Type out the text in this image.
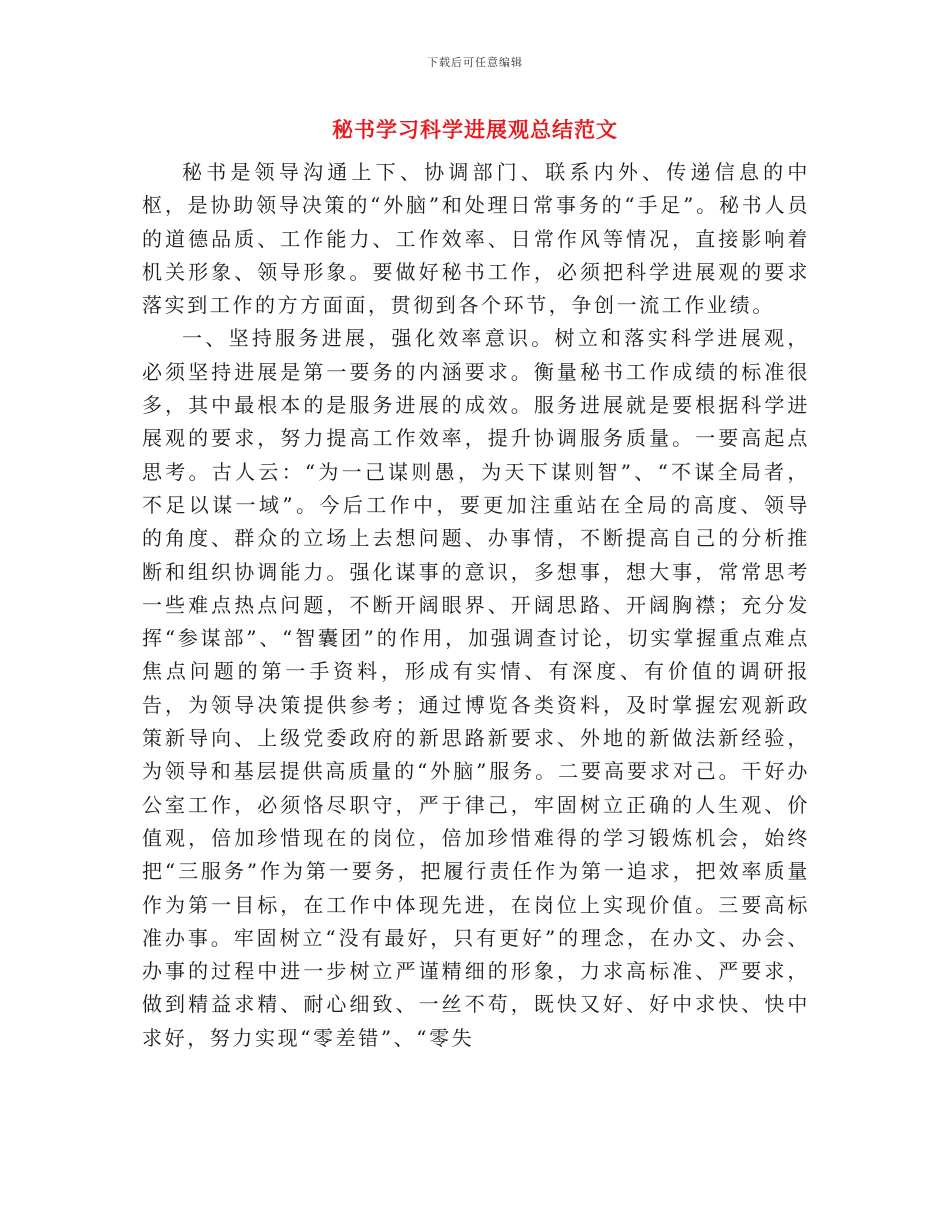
下载后可任意编辑
秘书学习科学进展观总结范文

秘书是领导沟通上下、协调部门、联系内外、传递信息的中枢，是协助领导决策的“外脑”和处理日常事务的“手足”。秘书人员的道德品质、工作能力、工作效率、日常作风等情况，直接影响着机关形象、领导形象。要做好秘书工作，必须把科学进展观的要求落实到工作的方方面面，贯彻到各个环节，争创一流工作业绩。

一、坚持服务进展，强化效率意识。树立和落实科学进展观，必须坚持进展是第一要务的内涵要求。衡量秘书工作成绩的标准很多，其中最根本的是服务进展的成效。服务进展就是要根据科学进展观的要求，努力提高工作效率，提升协调服务质量。一要高起点思考。古人云：“为一己谋则愚，为天下谋则智”、“不谋全局者，不足以谋一域”。今后工作中，要更加注重站在全局的高度、领导的角度、群众的立场上去想问题、办事情，不断提高自己的分析推断和组织协调能力。强化谋事的意识，多想事，想大事，常常思考一些难点热点问题，不断开阔眼界、开阔思路、开阔胸襟；充分发挥“参谋部”、“智囊团”的作用，加强调查讨论，切实掌握重点难点焦点问题的第一手资料，形成有实情、有深度、有价值的调研报告，为领导决策提供参考；通过博览各类资料，及时掌握宏观新政策新导向、上级党委政府的新思路新要求、外地的新做法新经验，为领导和基层提供高质量的“外脑”服务。二要高要求对己。干好办公室工作，必须恪尽职守，严于律己，牢固树立正确的人生观、价值观，倍加珍惜现在的岗位，倍加珍惜难得的学习锻炼机会，始终把“三服务”作为第一要务，把履行责任作为第一追求，把效率质量作为第一目标，在工作中体现先进，在岗位上实现价值。三要高标准办事。牢固树立“没有最好，只有更好”的理念，在办文、办会、办事的过程中进一步树立严谨精细的形象，力求高标准、严要求，做到精益求精、耐心细致、一丝不苟，既快又好、好中求快、快中求好，努力实现“零差错”、“零失
